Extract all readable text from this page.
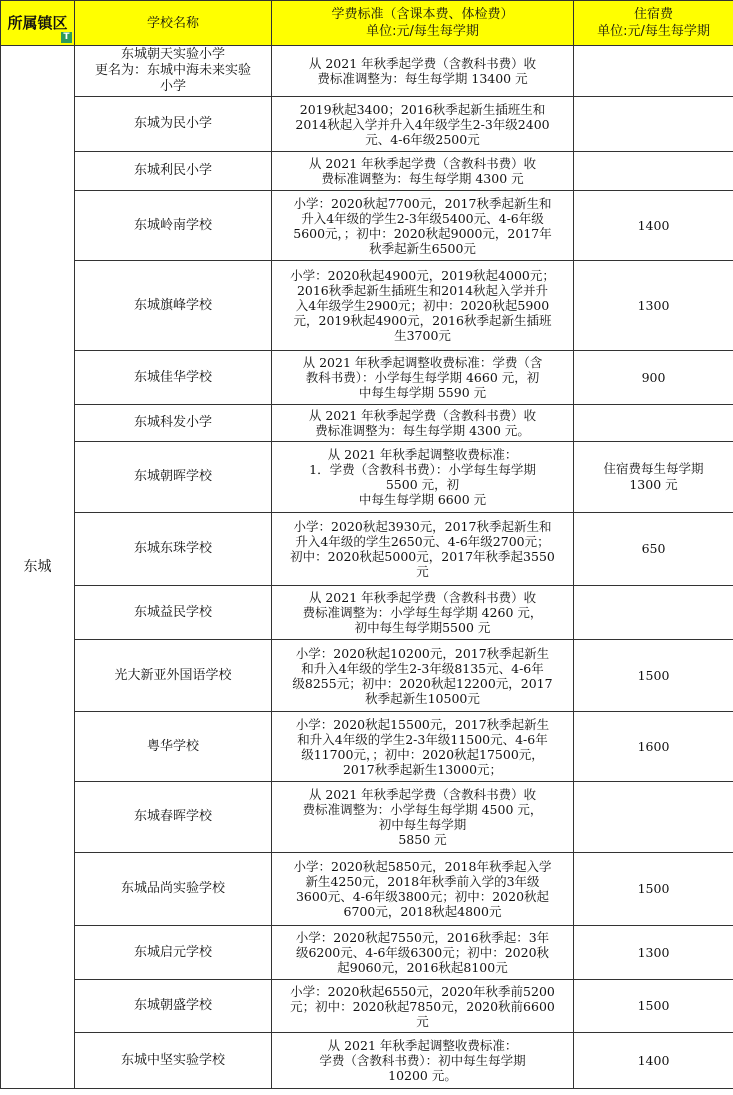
所属镇区
T	学校名称	学费标准（含课本费、体检费）
单位:元/每生每学期	住宿费
单位:元/每生每学期

东城	东城朝天实验小学
更名为：东城中海未来实验
小学	从 2021 年秋季起学费（含教科书费）收
费标准调整为：每生每学期 13400 元	

	东城为民小学	2019秋起3400；2016秋季起新生插班生和
2014秋起入学并升入4年级学生2-3年级2400
元、4-6年级2500元	

	东城利民小学	从 2021 年秋季起学费（含教科书费）收
费标准调整为：每生每学期 4300 元	

	东城岭南学校	小学：2020秋起7700元，2017秋季起新生和
升入4年级的学生2-3年级5400元、4-6年级
5600元，；初中：2020秋起9000元，2017年
秋季起新生6500元	1400

	东城旗峰学校	小学：2020秋起4900元，2019秋起4000元；
2016秋季起新生插班生和2014秋起入学并升
入4年级学生2900元；初中：2020秋起5900
元，2019秋起4900元，2016秋季起新生插班
生3700元	1300

	东城佳华学校	从 2021 年秋季起调整收费标准：学费（含
教科书费）：小学每生每学期 4660 元，初
中每生每学期 5590 元	900

	东城科发小学	从 2021 年秋季起学费（含教科书费）收
费标准调整为：每生每学期 4300 元。	

	东城朝晖学校	从 2021 年秋季起调整收费标准：
1．学费（含教科书费）：小学每生每学期
5500 元，初
中每生每学期 6600 元	住宿费每生每学期
1300 元

	东城东珠学校	小学：2020秋起3930元，2017秋季起新生和
升入4年级的学生2650元、4-6年级2700元；
初中：2020秋起5000元，2017年秋季起3550
元	650

	东城益民学校	从 2021 年秋季起学费（含教科书费）收
费标准调整为：小学每生每学期 4260 元，
初中每生每学期5500 元	

	光大新亚外国语学校	小学：2020秋起10200元，2017秋季起新生
和升入4年级的学生2-3年级8135元、4-6年
级8255元；初中：2020秋起12200元，2017
秋季起新生10500元	1500

	粤华学校	小学：2020秋起15500元，2017秋季起新生
和升入4年级的学生2-3年级11500元、4-6年
级11700元，；初中：2020秋起17500元，
2017秋季起新生13000元；	1600

	东城春晖学校	从 2021 年秋季起学费（含教科书费）收
费标准调整为：小学每生每学期 4500 元，
初中每生每学期
5850 元	

	东城品尚实验学校	小学：2020秋起5850元，2018年秋季起入学
新生4250元，2018年秋季前入学的3年级
3600元、4-6年级3800元；初中：2020秋起
6700元，2018秋起4800元	1500

	东城启元学校	小学：2020秋起7550元，2016秋季起：3年
级6200元、4-6年级6300元；初中：2020秋
起9060元，2016秋起8100元	1300

	东城朝盛学校	小学：2020秋起6550元，2020年秋季前5200
元；初中：2020秋起7850元，2020秋前6600
元	1500

	东城中坚实验学校	从 2021 年秋季起调整收费标准：
学费（含教科书费）：初中每生每学期
10200 元。	1400
